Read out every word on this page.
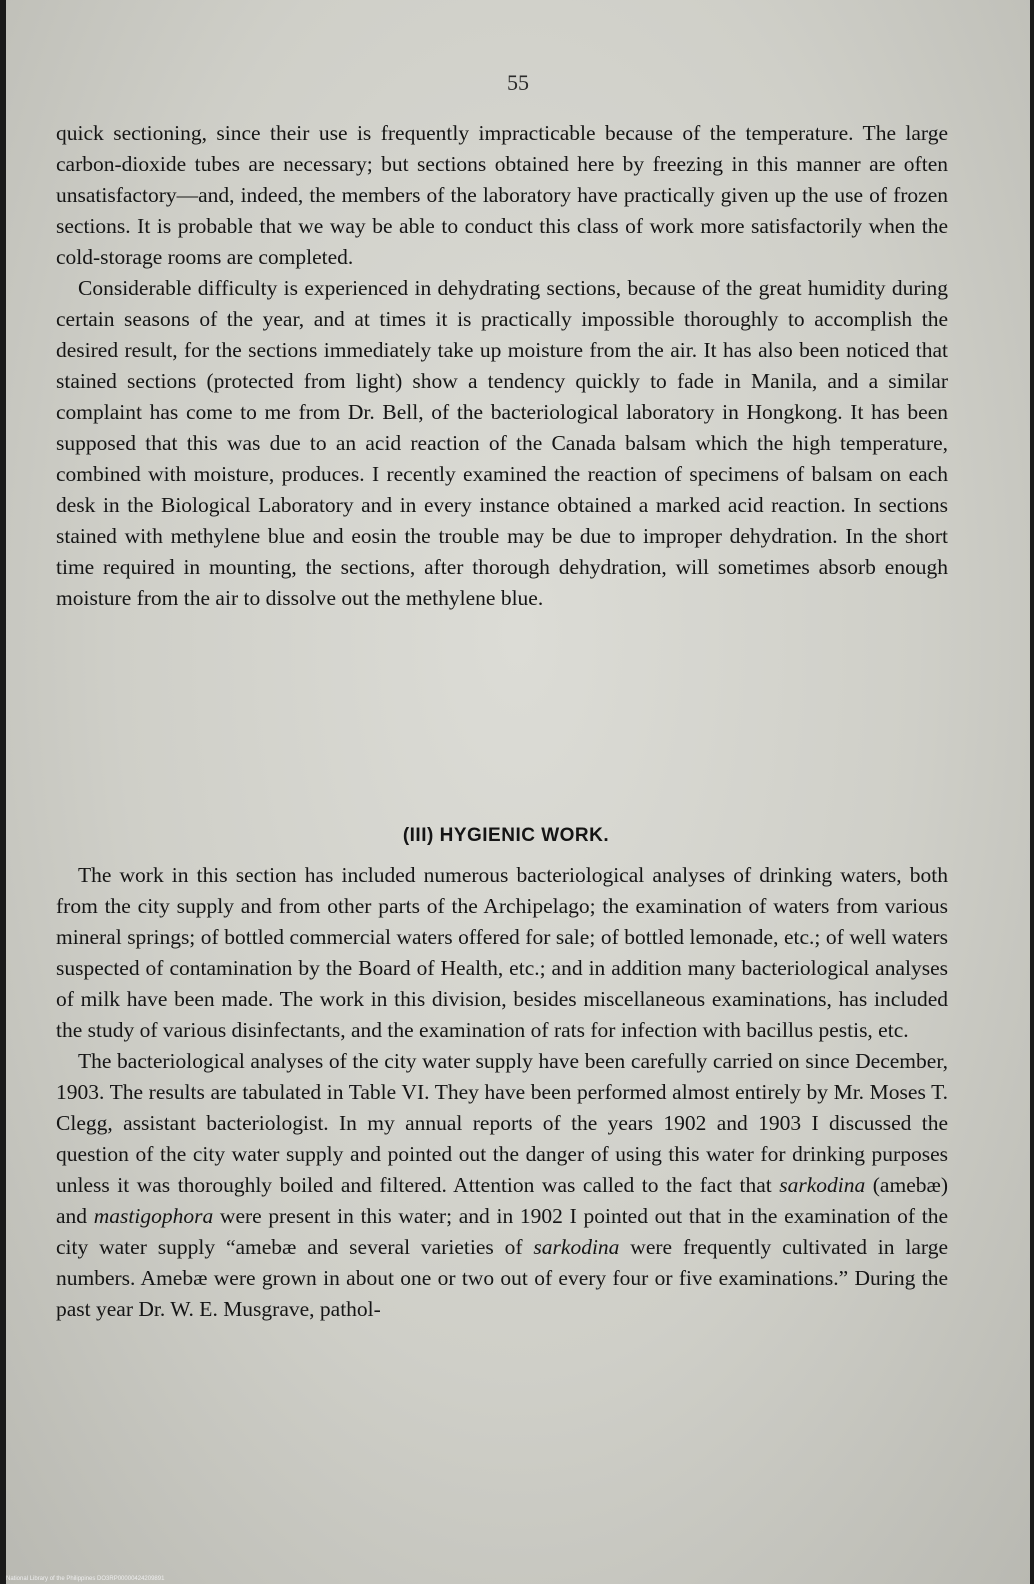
55

quick sectioning, since their use is frequently impracticable because of the temperature. The large carbon-dioxide tubes are necessary; but sections obtained here by freezing in this manner are often unsatisfactory—and, indeed, the members of the laboratory have practically given up the use of frozen sections. It is probable that we way be able to conduct this class of work more satisfactorily when the cold-storage rooms are completed.

Considerable difficulty is experienced in dehydrating sections, because of the great humidity during certain seasons of the year, and at times it is practically impossible thoroughly to accomplish the desired result, for the sections immediately take up moisture from the air. It has also been noticed that stained sections (protected from light) show a tendency quickly to fade in Manila, and a similar complaint has come to me from Dr. Bell, of the bacteriological laboratory in Hongkong. It has been supposed that this was due to an acid reaction of the Canada balsam which the high temperature, combined with moisture, produces. I recently examined the reaction of specimens of balsam on each desk in the Biological Laboratory and in every instance obtained a marked acid reaction. In sections stained with methylene blue and eosin the trouble may be due to improper dehydration. In the short time required in mounting, the sections, after thorough dehydration, will sometimes absorb enough moisture from the air to dissolve out the methylene blue.

(III) HYGIENIC WORK.

The work in this section has included numerous bacteriological analyses of drinking waters, both from the city supply and from other parts of the Archipelago; the examination of waters from various mineral springs; of bottled commercial waters offered for sale; of bottled lemonade, etc.; of well waters suspected of contamination by the Board of Health, etc.; and in addition many bacteriological analyses of milk have been made. The work in this division, besides miscellaneous examinations, has included the study of various disinfectants, and the examination of rats for infection with bacillus pestis, etc.

The bacteriological analyses of the city water supply have been carefully carried on since December, 1903. The results are tabulated in Table VI. They have been performed almost entirely by Mr. Moses T. Clegg, assistant bacteriologist. In my annual reports of the years 1902 and 1903 I discussed the question of the city water supply and pointed out the danger of using this water for drinking purposes unless it was thoroughly boiled and filtered. Attention was called to the fact that sarkodina (amebæ) and mastigophora were present in this water; and in 1902 I pointed out that in the examination of the city water supply “amebæ and several varieties of sarkodina were frequently cultivated in large numbers. Amebæ were grown in about one or two out of every four or five examinations.” During the past year Dr. W. E. Musgrave, pathol-

National Library of the Philippines DO3RP00000424209891
